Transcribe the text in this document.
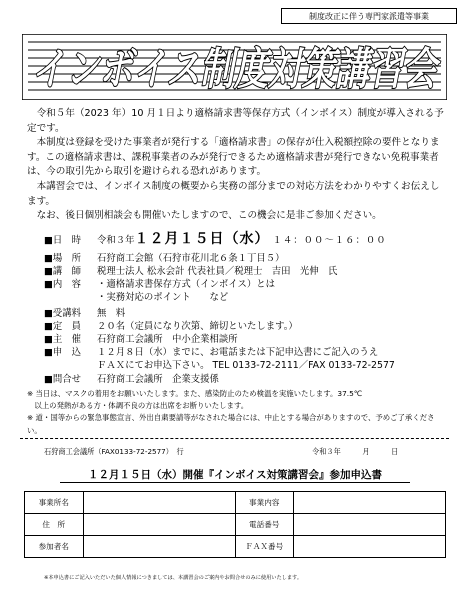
制度改正に伴う専門家派遣等事業
インボイス制度対策講習会

令和５年（2023 年）10 月１日より適格請求書等保存方式（インボイス）制度が導入される予定です。

本制度は登録を受けた事業者が発行する「適格請求書」の保存が仕入税額控除の要件となります。この適格請求書は、課税事業者のみが発行できるため適格請求書が発行できない免税事業者は、今の取引先から取引を避けられる恐れがあります。

本講習会では、インボイス制度の概要から実務の部分までの対応方法をわかりやすくお伝えします。

なお、後日個別相談会も開催いたしますので、この機会に是非ご参加ください。

■日　時 令和３年１２月１５日（水） １４：００〜１６：００
■場　所 石狩商工会館（石狩市花川北６条１丁目５）
■講　師 税理士法人 松永会計 代表社員／税理士　吉田　光伸　氏
■内　容 ・適格請求書保存方式（インボイス）とは
・実務対応のポイント　　など
■受講料 無　料
■定　員 ２０名（定員になり次第、締切といたします。）
■主　催 石狩商工会議所　中小企業相談所
■申　込 １２月８日（水）までに、お電話または下記申込書にご記入のうえ
ＦＡＸにてお申込下さい。 TEL 0133-72-2111／FAX 0133-72-2577
■問合せ 石狩商工会議所　企業支援係

※ 当日は、マスクの着用をお願いいたします。また、感染防止のため検温を実施いたします。37.5℃

　以上の発熱がある方・体調不良の方は出席をお断りいたします。

※ 道・国等からの緊急事態宣言、外出自粛要請等がなされた場合には、中止とする場合がありますので、予めご了承ください。

石狩商工会議所（FAX0133-72-2577）　行	令和３年　　　月　　　日
１２月１５日（水）開催『インボイス対策講習会』参加申込書
事業所名		事業内容	
住　所		電話番号	
参加者名		ＦＡＸ番号	
※本申込書にご記入いただいた個人情報につきましては、本講習会のご案内やお問合せのみに使用いたします。
